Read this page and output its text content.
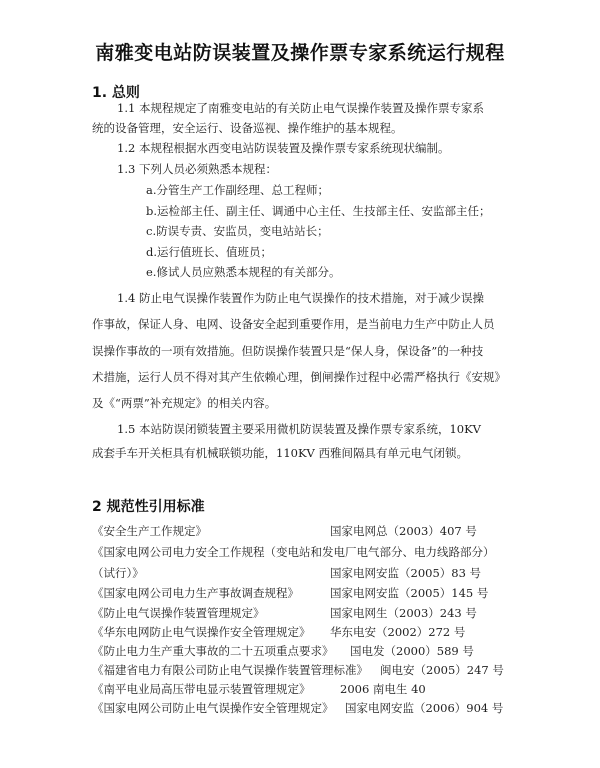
南雅变电站防误装置及操作票专家系统运行规程
1. 总则
1.1 本规程规定了南雅变电站的有关防止电气误操作装置及操作票专家系
统的设备管理，安全运行、设备巡视、操作维护的基本规程。
1.2 本规程根据水西变电站防误装置及操作票专家系统现状编制。
1.3 下列人员必须熟悉本规程：
a.分管生产工作副经理、总工程师；
b.运检部主任、副主任、调通中心主任、生技部主任、安监部主任；
c.防误专责、安监员，变电站站长；
d.运行值班长、值班员；
e.修试人员应熟悉本规程的有关部分。
1.4 防止电气误操作装置作为防止电气误操作的技术措施，对于减少误操
作事故，保证人身、电网、设备安全起到重要作用，是当前电力生产中防止人员
误操作事故的一项有效措施。但防误操作装置只是“保人身，保设备”的一种技
术措施，运行人员不得对其产生依赖心理，倒闸操作过程中必需严格执行《安规》
及《“两票”补充规定》的相关内容。
1.5 本站防误闭锁装置主要采用微机防误装置及操作票专家系统，10KV
成套手车开关柜具有机械联锁功能，110KV 西雅间隔具有单元电气闭锁。
2 规范性引用标准
《安全生产工作规定》	国家电网总（2003）407 号
《国家电网公司电力安全工作规程（变电站和发电厂电气部分、电力线路部分）
（试行）》	国家电网安监（2005）83 号
《国家电网公司电力生产事故调查规程》	国家电网安监（2005）145 号
《防止电气误操作装置管理规定》	国家电网生（2003）243 号
《华东电网防止电气误操作安全管理规定》 华东电安（2002）272 号
《防止电力生产重大事故的二十五项重点要求》 国电发（2000）589 号
《福建省电力有限公司防止电气误操作装置管理标准》 闽电安（2005）247 号
《南平电业局高压带电显示装置管理规定》	2006 南电生 40
《国家电网公司防止电气误操作安全管理规定》 国家电网安监（2006）904 号
